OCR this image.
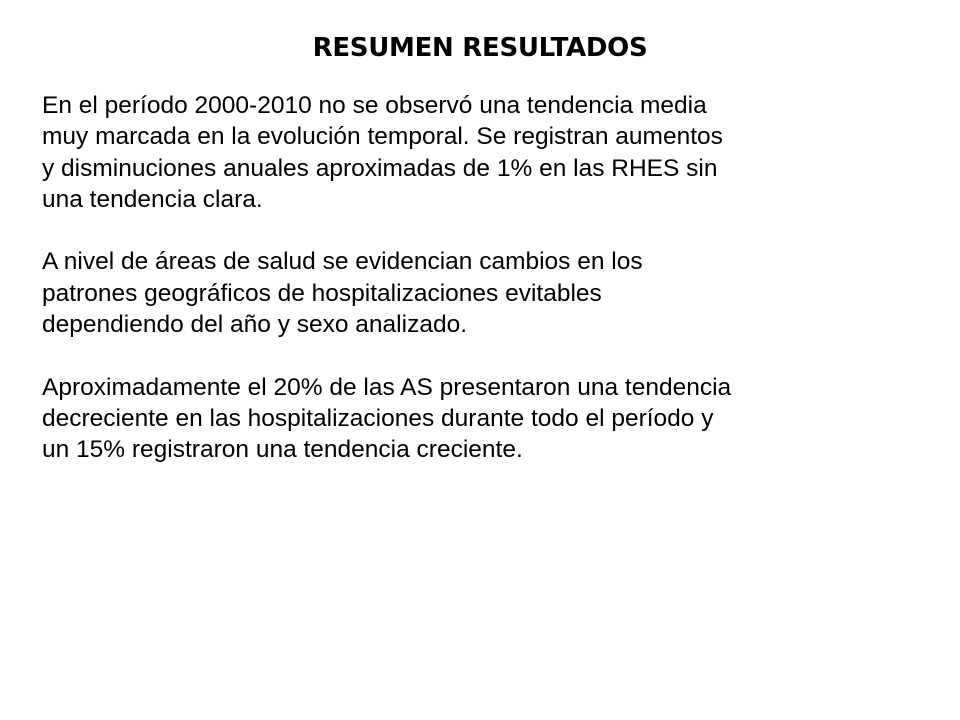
RESUMEN RESULTADOS

En el período 2000-2010 no se observó una tendencia media
muy marcada en la evolución temporal. Se registran aumentos
y disminuciones anuales aproximadas de 1% en las RHES sin
una tendencia clara.

A nivel de áreas de salud se evidencian cambios en los
patrones geográficos de hospitalizaciones evitables
dependiendo del año y sexo analizado.

Aproximadamente el 20% de las AS presentaron una tendencia
decreciente en las hospitalizaciones durante todo el período y
un 15% registraron una tendencia creciente.
